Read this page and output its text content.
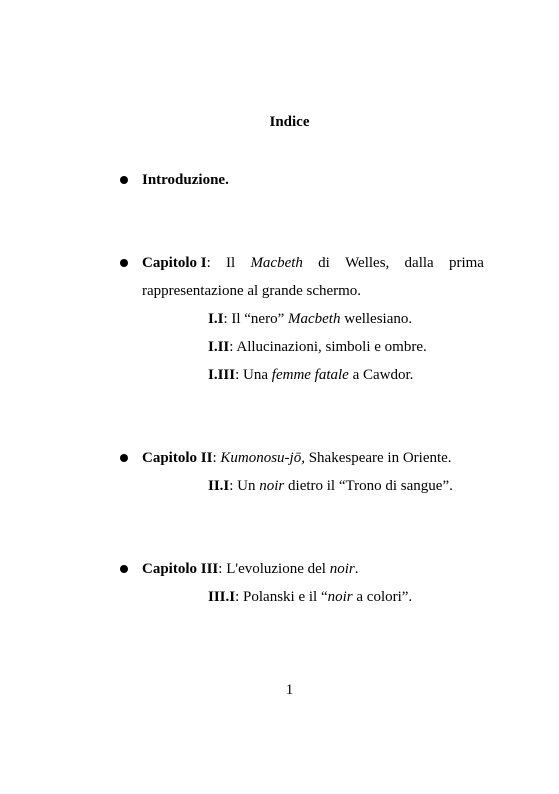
Indice
Introduzione.
Capitolo I: Il Macbeth di Welles, dalla prima
rappresentazione al grande schermo.
I.I: Il “nero” Macbeth wellesiano.
I.II: Allucinazioni, simboli e ombre.
I.III: Una femme fatale a Cawdor.
Capitolo II: Kumonosu-jō, Shakespeare in Oriente.
II.I: Un noir dietro il “Trono di sangue”.
Capitolo III: L'evoluzione del noir.
III.I: Polanski e il “noir a colori”.
1
